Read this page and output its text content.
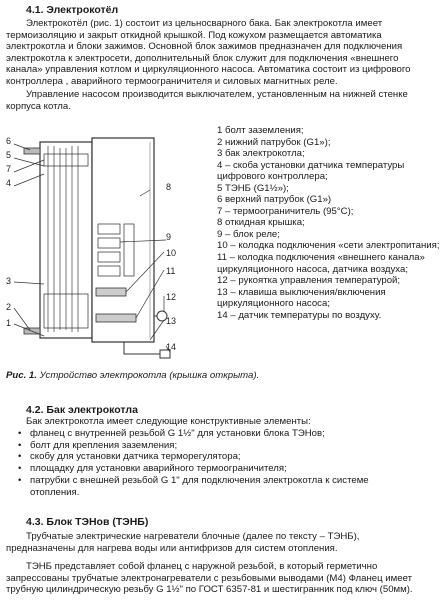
4.1. Электрокотёл
Электрокотёл (рис. 1) состоит из цельносварного бака. Бак электрокотла имеет
термоизоляцию и закрыт откидной крышкой. Под кожухом размещается автоматика
электрокотла и блоки зажимов. Основной блок зажимов предназначен для подключения
электрокотла к электросети, дополнительный блок служит для подключения «внешнего
канала» управления котлом и циркуляционного насоса. Автоматика состоит из цифрового
контроллера , аварийного термоограничителя и силовых магнитных реле.
Управление насосом производится выключателем, установленным на нижней стенке
корпуса котла.
6
5
7
4	8
9
10
3
11
2
12
1	13
14
1 болт заземления;
2 нижний патрубок (G1»);
3 бак электрокотла;
4 – скоба установки датчика температуры
цифрового контроллера;
5 ТЭНБ (G1½»);
6 верхний патрубок (G1»)
7 – термоограничитель (95°C);
8 откидная крышка;
9 – блок реле;
10 – колодка подключения «сети электропитания;
11 – колодка подключения «внешнего канала»
циркуляционного насоса, датчика воздуха;
12 – рукоятка управления температурой;
13 – клавиша выключения/включения
циркуляционного насоса;
14 – датчик температуры по воздуху.
Рис. 1. Устройство электрокотла (крышка открыта).
4.2. Бак электрокотла
Бак электрокотла имеет следующие конструктивные элементы:
• фланец с внутренней резьбой G 1½" для установки блока ТЭНов;
• болт для крепления заземления;
• скобу для установки датчика терморегулятора;
• площадку для установки аварийного термоограничителя;
• патрубки с внешней резьбой G 1" для подключения электрокотла к системе
отопления.
4.3. Блок ТЭНов (ТЭНБ)
Трубчатые электрические нагреватели блочные (далее по тексту – ТЭНБ),
предназначены для нагрева воды или антифризов для систем отопления.
ТЭНБ представляет собой фланец с наружной резьбой, в который герметично
запрессованы трубчатые электронагреватели с резьбовыми выводами (М4) Фланец имеет
трубную цилиндрическую резьбу G 1½" по ГОСТ 6357-81 и шестигранник под ключ (50мм).
